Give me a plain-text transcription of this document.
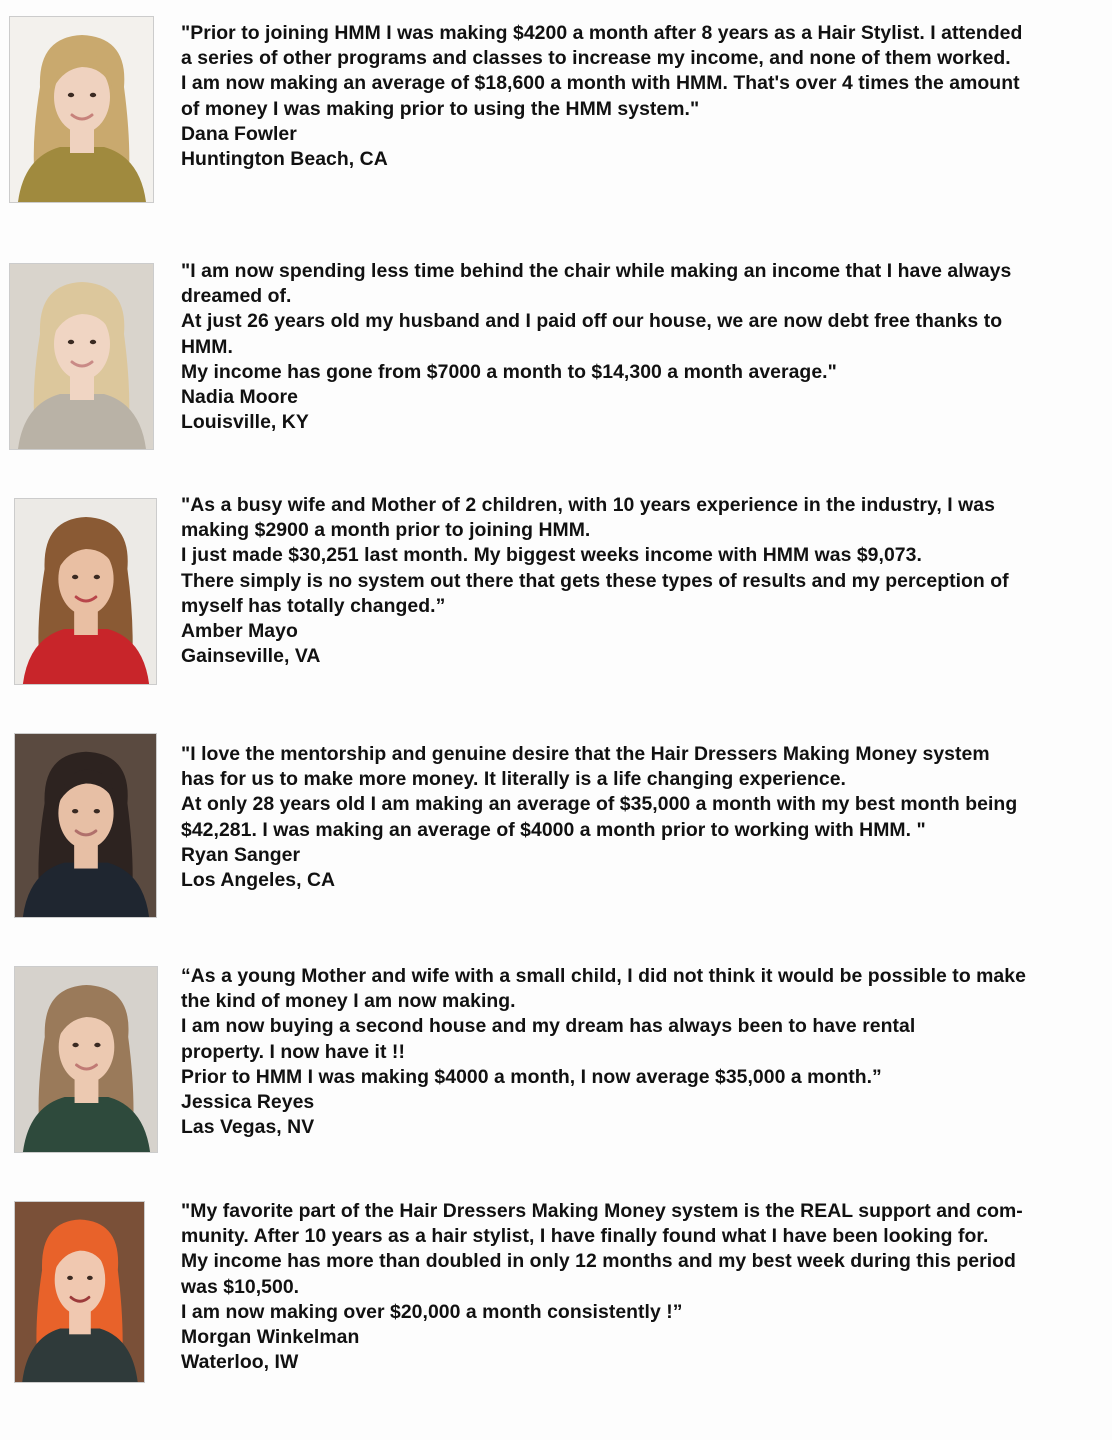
"Prior to joining HMM I was making $4200 a month after 8 years as a Hair Stylist. I attended

a series of other programs and classes to increase my income, and none of them worked.

I am now making an average of $18,600 a month with HMM. That's over 4 times the amount

of money I was making prior to using the HMM system."

Dana Fowler

Huntington Beach, CA

"I am now spending less time behind the chair while making an income that I have always

dreamed of.

At just 26 years old my husband and I paid off our house, we are now debt free thanks to

HMM.

My income has gone from $7000 a month to $14,300 a month average."

Nadia Moore

Louisville, KY

"As a busy wife and Mother of 2 children, with 10 years experience in the industry, I was

making $2900 a month prior to joining HMM.

I just made $30,251 last month. My biggest weeks income with HMM was $9,073.

There simply is no system out there that gets these types of results and my perception of

myself has totally changed.”

Amber Mayo

Gainseville, VA

"I love the mentorship and genuine desire that the Hair Dressers Making Money system

has for us to make more money. It literally is a life changing experience.

At only 28 years old I am making an average of $35,000 a month with my best month being

$42,281. I was making an average of $4000 a month prior to working with HMM. "

Ryan Sanger

Los Angeles, CA

“As a young Mother and wife with a small child, I did not think it would be possible to make

the kind of money I am now making.

I am now buying a second house and my dream has always been to have rental

property. I now have it !!

Prior to HMM I was making $4000 a month, I now average $35,000 a month.”

Jessica Reyes

Las Vegas, NV

"My favorite part of the Hair Dressers Making Money system is the REAL support and com-

munity. After 10 years as a hair stylist, I have finally found what I have been looking for.

My income has more than doubled in only 12 months and my best week during this period

was $10,500.

I am now making over $20,000 a month consistently !”

Morgan Winkelman

Waterloo, IW
